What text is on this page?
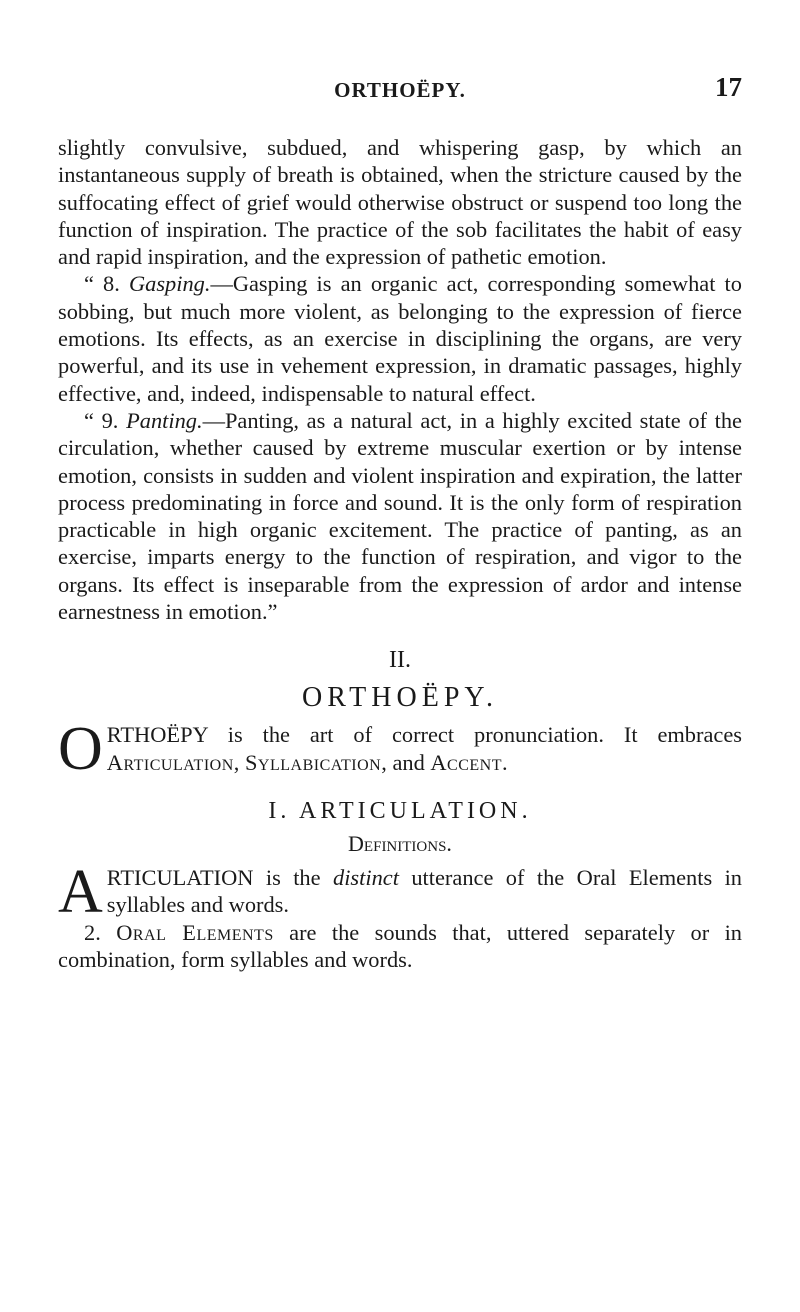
ORTHOËPY.	17

slightly convulsive, subdued, and whispering gasp, by which an instantaneous supply of breath is obtained, when the stricture caused by the suffocating effect of grief would otherwise obstruct or suspend too long the function of inspiration. The practice of the sob facilitates the habit of easy and rapid inspiration, and the expression of pathetic emotion.

“ 8. Gasping.—Gasping is an organic act, corresponding somewhat to sobbing, but much more violent, as belonging to the expression of fierce emotions. Its effects, as an exercise in disciplining the organs, are very powerful, and its use in vehement expression, in dramatic passages, highly effective, and, indeed, indispensable to natural effect.

“ 9. Panting.—Panting, as a natural act, in a highly excited state of the circulation, whether caused by extreme muscular exertion or by intense emotion, consists in sudden and violent inspiration and expiration, the latter process predominating in force and sound. It is the only form of respiration practicable in high organic excitement. The practice of panting, as an exercise, imparts energy to the function of respiration, and vigor to the organs. Its effect is inseparable from the expression of ardor and intense earnestness in emotion.”

II.
ORTHOËPY.
ORTHOËPY is the art of correct pronunciation. It embraces Articulation, Syllabication, and Accent.
I. ARTICULATION.
Definitions.
ARTICULATION is the distinct utterance of the Oral Elements in syllables and words.

2. Oral Elements are the sounds that, uttered separately or in combination, form syllables and words.
